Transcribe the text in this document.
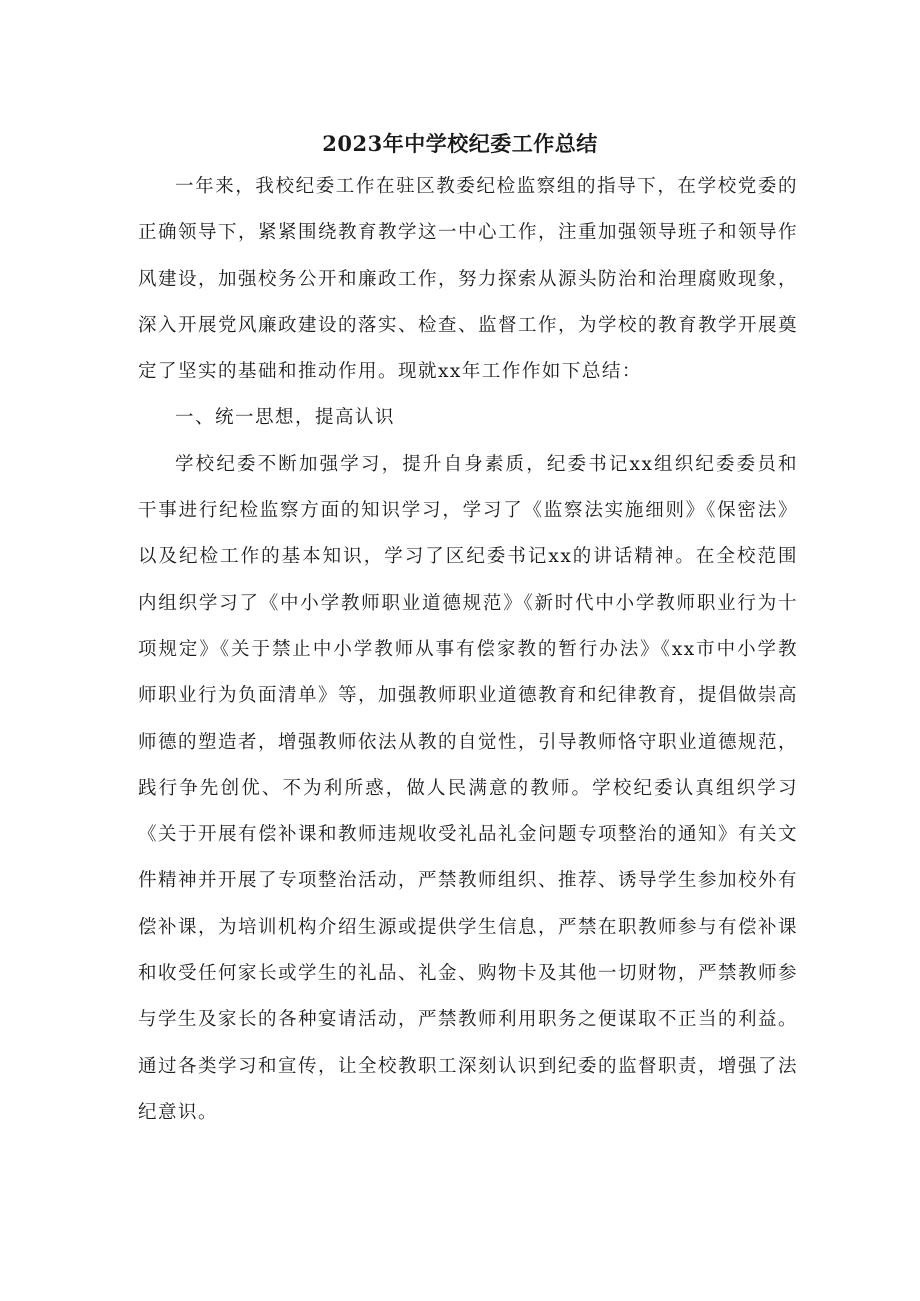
2023年中学校纪委工作总结

一年来，我校纪委工作在驻区教委纪检监察组的指导下，在学校党委的正确领导下，紧紧围绕教育教学这一中心工作，注重加强领导班子和领导作风建设，加强校务公开和廉政工作，努力探索从源头防治和治理腐败现象，深入开展党风廉政建设的落实、检查、监督工作，为学校的教育教学开展奠定了坚实的基础和推动作用。现就xx年工作作如下总结：

一、统一思想，提高认识

学校纪委不断加强学习，提升自身素质，纪委书记xx组织纪委委员和干事进行纪检监察方面的知识学习，学习了《监察法实施细则》《保密法》以及纪检工作的基本知识，学习了区纪委书记xx的讲话精神。在全校范围内组织学习了《中小学教师职业道德规范》《新时代中小学教师职业行为十项规定》《关于禁止中小学教师从事有偿家教的暂行办法》《xx市中小学教师职业行为负面清单》等，加强教师职业道德教育和纪律教育，提倡做崇高师德的塑造者，增强教师依法从教的自觉性，引导教师恪守职业道德规范，践行争先创优、不为利所惑，做人民满意的教师。学校纪委认真组织学习《关于开展有偿补课和教师违规收受礼品礼金问题专项整治的通知》有关文件精神并开展了专项整治活动，严禁教师组织、推荐、诱导学生参加校外有偿补课，为培训机构介绍生源或提供学生信息，严禁在职教师参与有偿补课和收受任何家长或学生的礼品、礼金、购物卡及其他一切财物，严禁教师参与学生及家长的各种宴请活动，严禁教师利用职务之便谋取不正当的利益。通过各类学习和宣传，让全校教职工深刻认识到纪委的监督职责，增强了法纪意识。
